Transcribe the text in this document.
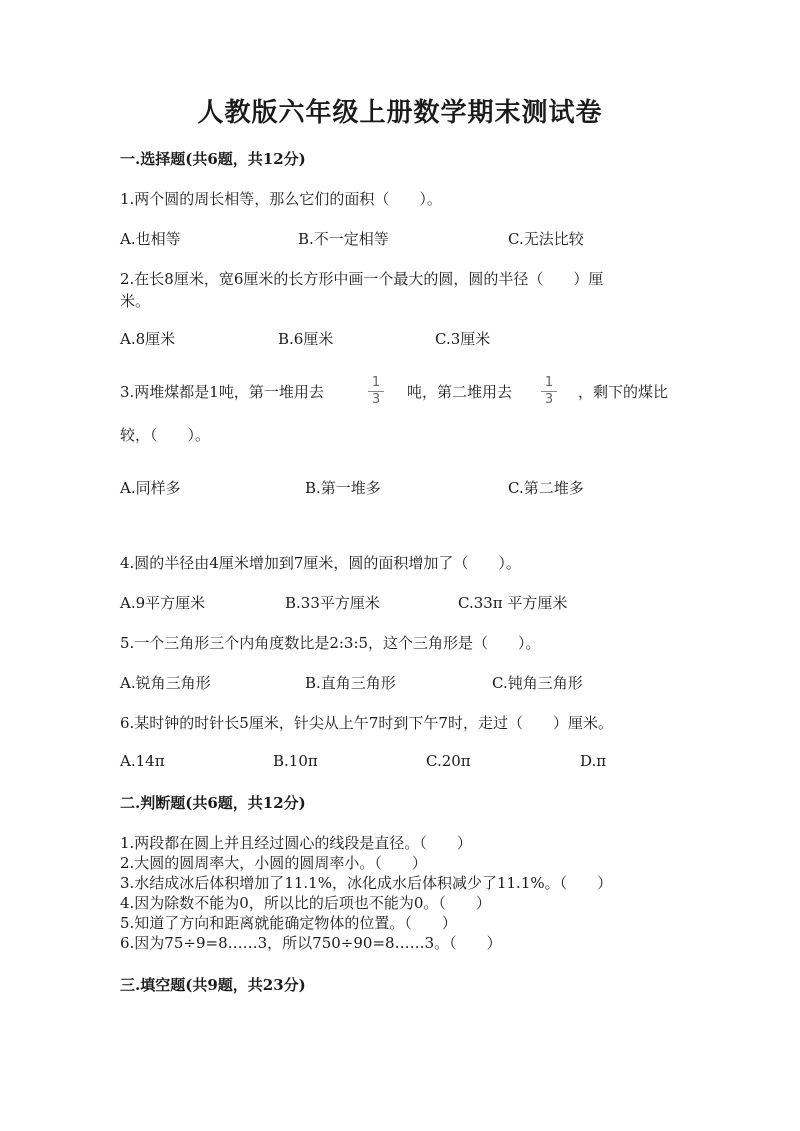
人教版六年级上册数学期末测试卷
一.选择题(共6题，共12分)
1.两个圆的周长相等，那么它们的面积（　　）。
A.也相等	B.不一定相等	C.无法比较
2.在长8厘米，宽6厘米的长方形中画一个最大的圆，圆的半径（　　）厘
米。
A.8厘米	B.6厘米	C.3厘米
3.两堆煤都是1吨，第一堆用去
1
3 吨，第二堆用去
1
3 ，剩下的煤比
较，（　　）。
A.同样多	B.第一堆多	C.第二堆多
4.圆的半径由4厘米增加到7厘米，圆的面积增加了（　　）。
A.9平方厘米	B.33平方厘米	C.33π 平方厘米
5.一个三角形三个内角度数比是2:3:5，这个三角形是（　　）。
A.锐角三角形	B.直角三角形	C.钝角三角形
6.某时钟的时针长5厘米，针尖从上午7时到下午7时，走过（　　）厘米。
A.14π	B.10π	C.20π	D.π
二.判断题(共6题，共12分)
1.两段都在圆上并且经过圆心的线段是直径。（　　）
2.大圆的圆周率大，小圆的圆周率小。（　　）
3.水结成冰后体积增加了11.1%，冰化成水后体积减少了11.1%。（　　）
4.因为除数不能为0，所以比的后项也不能为0。（　　）
5.知道了方向和距离就能确定物体的位置。（　　）
6.因为75÷9=8……3，所以750÷90=8……3。（　　）
三.填空题(共9题，共23分)
